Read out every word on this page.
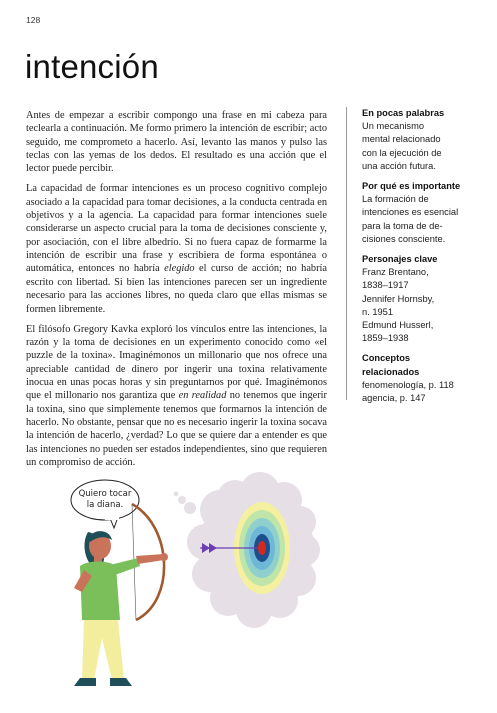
128
intención

Antes de empezar a escribir compongo una frase en mi cabeza para teclearla a continuación. Me formo primero la intención de escribir; acto seguido, me comprometo a hacerlo. Así, levanto las manos y pulso las teclas con las yemas de los dedos. El resultado es una acción que el lector puede percibir.

La capacidad de formar intenciones es un proceso cognitivo complejo asociado a la capacidad para tomar decisiones, a la conducta centrada en objetivos y a la agencia. La capacidad para formar intenciones suele considerarse un aspecto crucial para la toma de decisiones consciente y, por asociación, con el libre albedrío. Si no fuera capaz de formarme la intención de escribir una frase y escribiera de forma espontánea o automática, entonces no habría elegido el curso de acción; no habría escrito con libertad. Si bien las intenciones parecen ser un ingrediente necesario para las acciones libres, no queda claro que ellas mismas se formen libremente.

El filósofo Gregory Kavka exploró los vínculos entre las intenciones, la razón y la toma de decisiones en un experimento conocido como «el puzzle de la toxina». Imaginémonos un millonario que nos ofrece una apreciable cantidad de dinero por ingerir una toxina relativamente inocua en unas pocas horas y sin preguntarnos por qué. Imaginémonos que el millonario nos garantiza que en realidad no tenemos que ingerir la toxina, sino que simplemente tenemos que formarnos la intención de hacerlo. No obstante, pensar que no es necesario ingerir la toxina socava la intención de hacerlo, ¿verdad? Lo que se quiere dar a entender es que las intenciones no pueden ser estados independientes, sino que requieren un compromiso de acción.

En pocas palabras
Un mecanismo
mental relacionado
con la ejecución de
una acción futura.
Por qué es importante
La formación de
intenciones es esencial
para la toma de de-
cisiones consciente.
Personajes clave
Franz Brentano,
1838–1917
Jennifer Hornsby,
n. 1951
Edmund Husserl,
1859–1938
Conceptos
relacionados
fenomenología, p. 118
agencia, p. 147
Quiero tocar
la diana.
